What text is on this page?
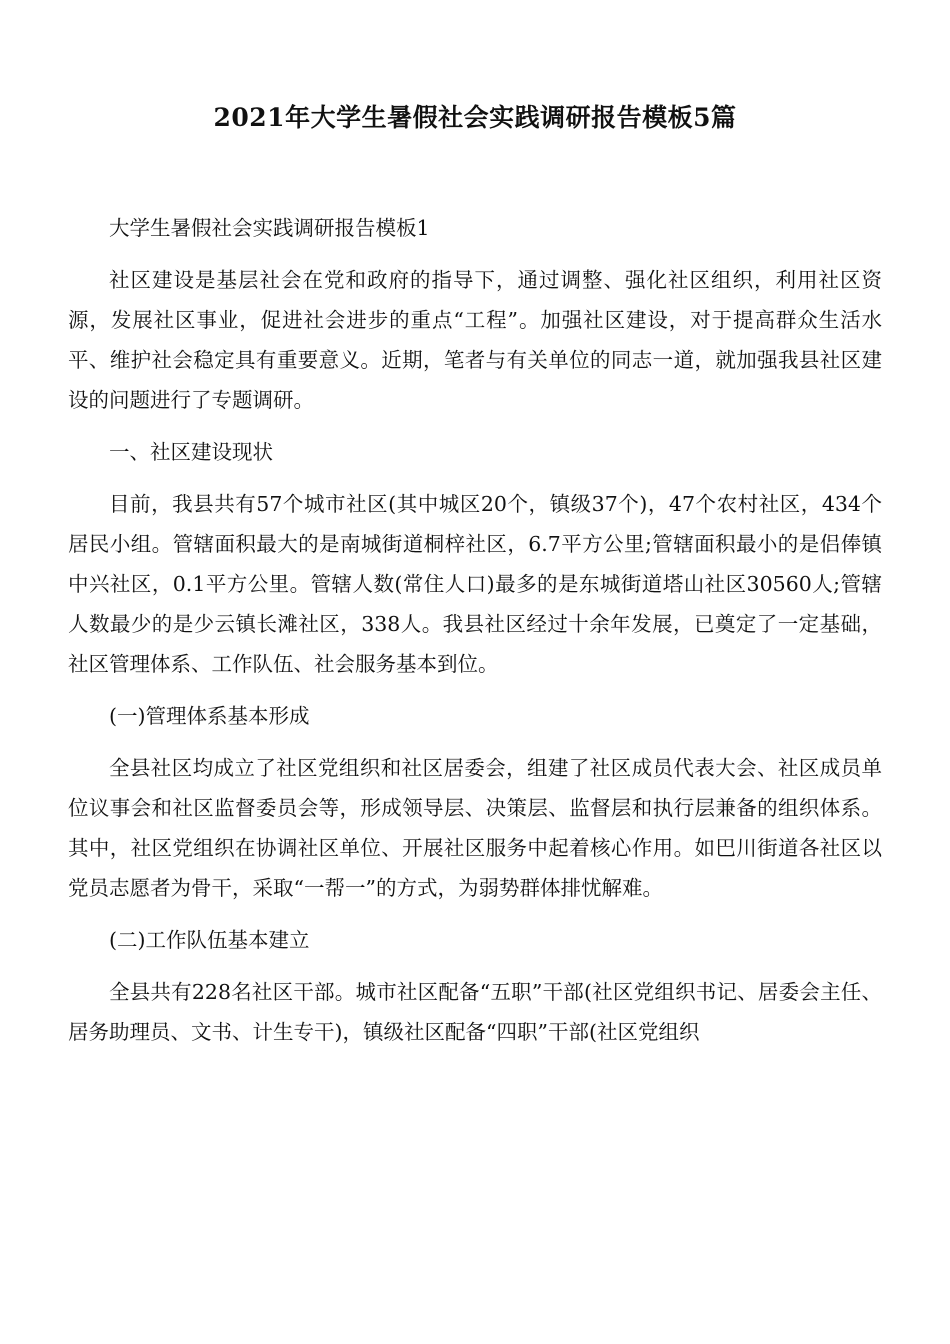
2021年大学生暑假社会实践调研报告模板5篇

大学生暑假社会实践调研报告模板1

社区建设是基层社会在党和政府的指导下，通过调整、强化社区组织，利用社区资源，发展社区事业，促进社会进步的重点“工程”。加强社区建设，对于提高群众生活水平、维护社会稳定具有重要意义。近期，笔者与有关单位的同志一道，就加强我县社区建设的问题进行了专题调研。

一、社区建设现状

目前，我县共有57个城市社区(其中城区20个，镇级37个)，47个农村社区，434个居民小组。管辖面积最大的是南城街道桐梓社区，6.7平方公里;管辖面积最小的是侣俸镇中兴社区，0.1平方公里。管辖人数(常住人口)最多的是东城街道塔山社区30560人;管辖人数最少的是少云镇长滩社区，338人。我县社区经过十余年发展，已奠定了一定基础，社区管理体系、工作队伍、社会服务基本到位。

(一)管理体系基本形成

全县社区均成立了社区党组织和社区居委会，组建了社区成员代表大会、社区成员单位议事会和社区监督委员会等，形成领导层、决策层、监督层和执行层兼备的组织体系。其中，社区党组织在协调社区单位、开展社区服务中起着核心作用。如巴川街道各社区以党员志愿者为骨干，采取“一帮一”的方式，为弱势群体排忧解难。

(二)工作队伍基本建立

全县共有228名社区干部。城市社区配备“五职”干部(社区党组织书记、居委会主任、居务助理员、文书、计生专干)，镇级社区配备“四职”干部(社区党组织
